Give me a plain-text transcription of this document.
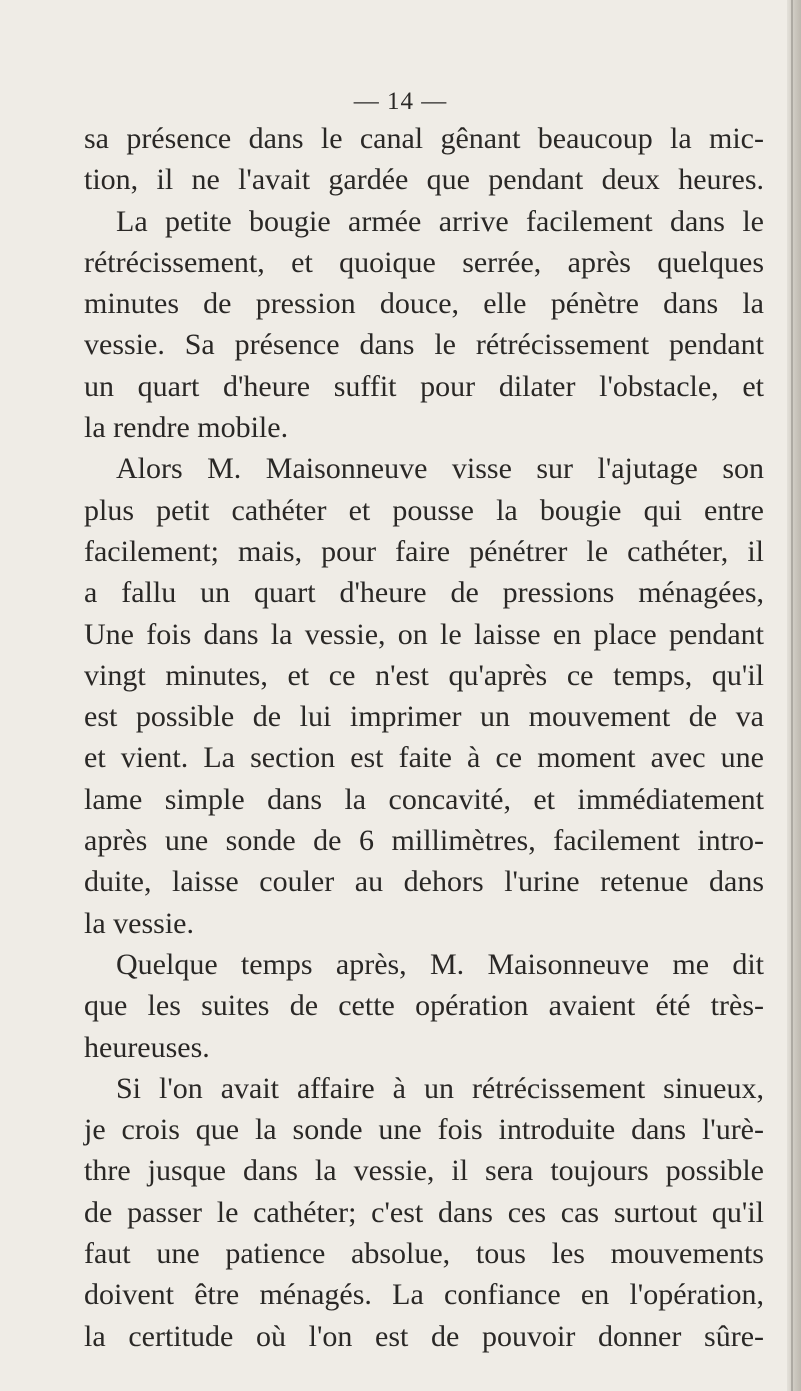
— 14 —
sa présence dans le canal gênant beaucoup la mic-
tion, il ne l'avait gardée que pendant deux heures.
La petite bougie armée arrive facilement dans le
rétrécissement, et quoique serrée, après quelques
minutes de pression douce, elle pénètre dans la
vessie. Sa présence dans le rétrécissement pendant
un quart d'heure suffit pour dilater l'obstacle, et
la rendre mobile.
Alors M. Maisonneuve visse sur l'ajutage son
plus petit cathéter et pousse la bougie qui entre
facilement; mais, pour faire pénétrer le cathéter, il
a fallu un quart d'heure de pressions ménagées,
Une fois dans la vessie, on le laisse en place pendant
vingt minutes, et ce n'est qu'après ce temps, qu'il
est possible de lui imprimer un mouvement de va
et vient. La section est faite à ce moment avec une
lame simple dans la concavité, et immédiatement
après une sonde de 6 millimètres, facilement intro-
duite, laisse couler au dehors l'urine retenue dans
la vessie.
Quelque temps après, M. Maisonneuve me dit
que les suites de cette opération avaient été très-
heureuses.
Si l'on avait affaire à un rétrécissement sinueux,
je crois que la sonde une fois introduite dans l'urè-
thre jusque dans la vessie, il sera toujours possible
de passer le cathéter; c'est dans ces cas surtout qu'il
faut une patience absolue, tous les mouvements
doivent être ménagés. La confiance en l'opération,
la certitude où l'on est de pouvoir donner sûre-
